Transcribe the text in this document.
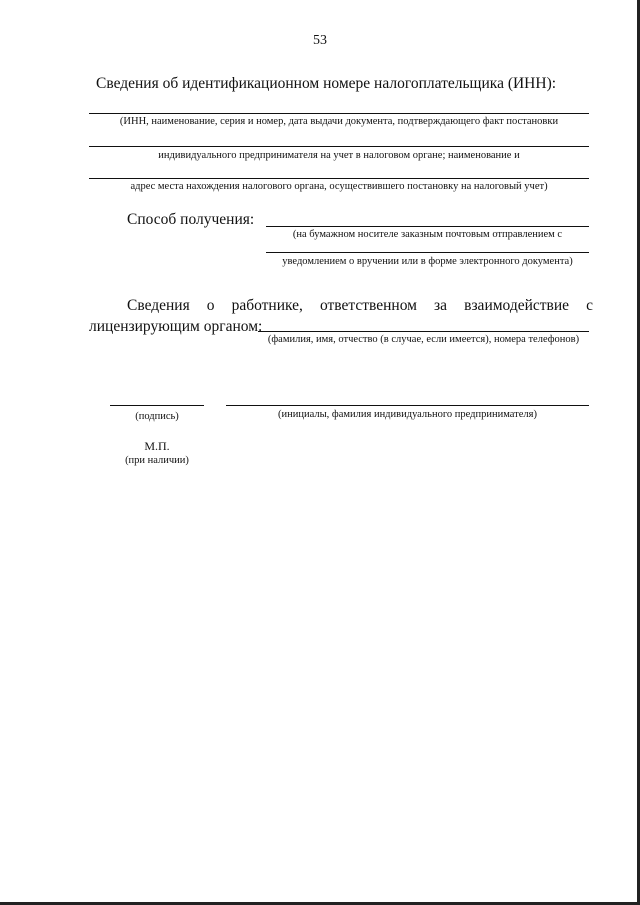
53
Сведения об идентификационном номере налогоплательщика (ИНН):
(ИНН, наименование, серия и номер, дата выдачи документа, подтверждающего факт постановки
индивидуального предпринимателя на учет в налоговом органе; наименование и
адрес места нахождения налогового органа, осуществившего постановку на налоговый учет)
Способ получения:
(на бумажном носителе заказным почтовым отправлением с
уведомлением о вручении или в форме электронного документа)
Сведения о работнике, ответственном за взаимодействие с
лицензирующим органом:
(фамилия, имя, отчество (в случае, если имеется), номера телефонов)
(подпись)	(инициалы, фамилия индивидуального предпринимателя)
М.П.
(при наличии)
